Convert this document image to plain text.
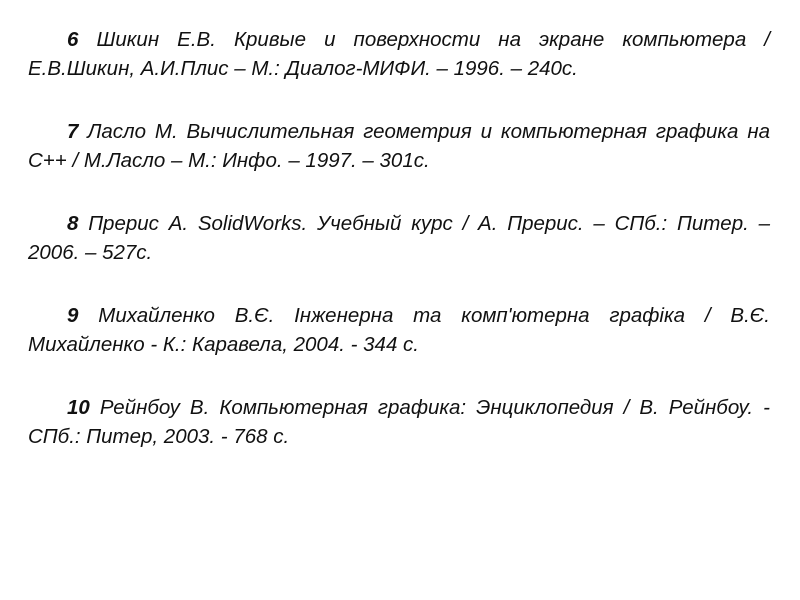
6 Шикин Е.В. Кривые и поверхности на экране компьютера / Е.В.Шикин, А.И.Плис – М.: Диалог-МИФИ. – 1996. – 240с.

7 Ласло М. Вычислительная геометрия и компьютерная графика на С++ / М.Ласло – М.: Инфо. – 1997. – 301с.

8 Прерис А. SolidWorks. Учебный курс / А. Прерис. – СПб.: Питер. – 2006. – 527с.

9 Михайленко В.Є. Інженерна та комп'ютерна графіка / В.Є. Михайленко - К.: Каравела, 2004. - 344 с.

10 Рейнбоу В. Компьютерная графика: Энциклопедия / В. Рейнбоу. - СПб.: Питер, 2003. - 768 с.
